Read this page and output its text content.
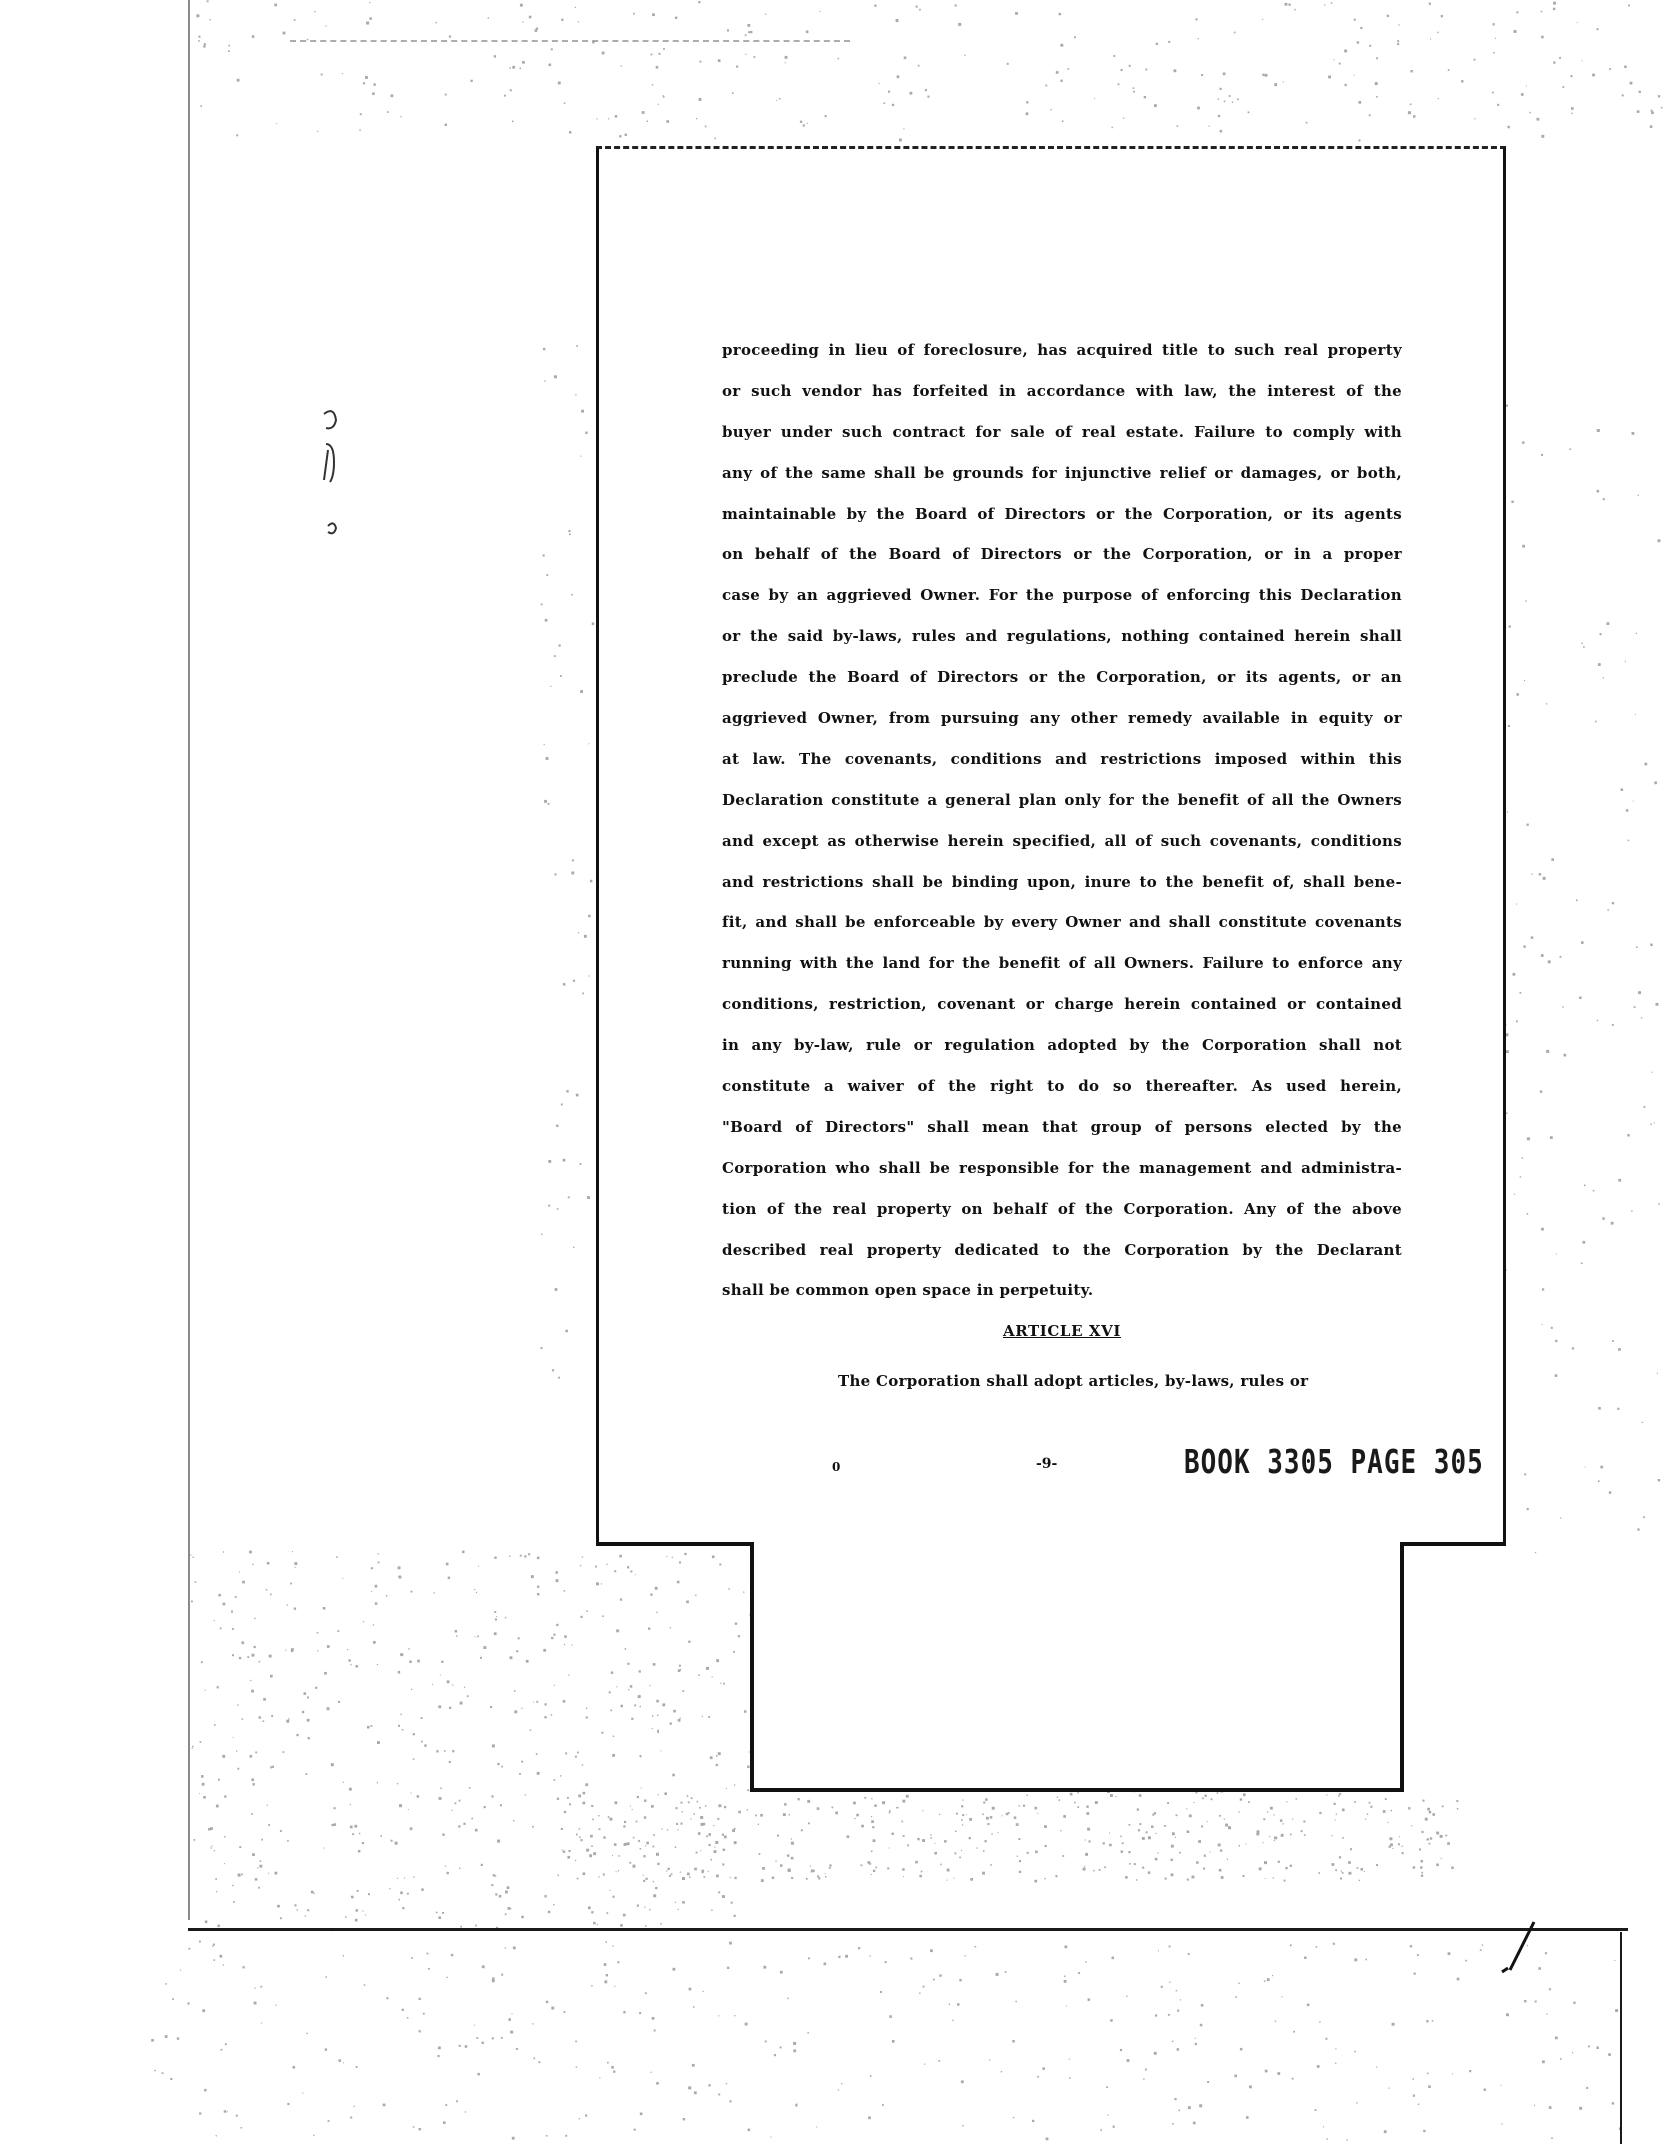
proceeding in lieu of foreclosure, has acquired title to such real property
or such vendor has forfeited in accordance with law, the interest of the
buyer under such contract for sale of real estate. Failure to comply with
any of the same shall be grounds for injunctive relief or damages, or both,
maintainable by the Board of Directors or the Corporation, or its agents
on behalf of the Board of Directors or the Corporation, or in a proper
case by an aggrieved Owner. For the purpose of enforcing this Declaration
or the said by-laws, rules and regulations, nothing contained herein shall
preclude the Board of Directors or the Corporation, or its agents, or an
aggrieved Owner, from pursuing any other remedy available in equity or
at law. The covenants, conditions and restrictions imposed within this
Declaration constitute a general plan only for the benefit of all the Owners
and except as otherwise herein specified, all of such covenants, conditions
and restrictions shall be binding upon, inure to the benefit of, shall bene-
fit, and shall be enforceable by every Owner and shall constitute covenants
running with the land for the benefit of all Owners. Failure to enforce any
conditions, restriction, covenant or charge herein contained or contained
in any by-law, rule or regulation adopted by the Corporation shall not
constitute a waiver of the right to do so thereafter. As used herein,
"Board of Directors" shall mean that group of persons elected by the
Corporation who shall be responsible for the management and administra-
tion of the real property on behalf of the Corporation. Any of the above
described real property dedicated to the Corporation by the Declarant
shall be common open space in perpetuity.
ARTICLE XVI
The Corporation shall adopt articles, by-laws, rules or
0	-9-	BOOK 3305 PAGE 305
